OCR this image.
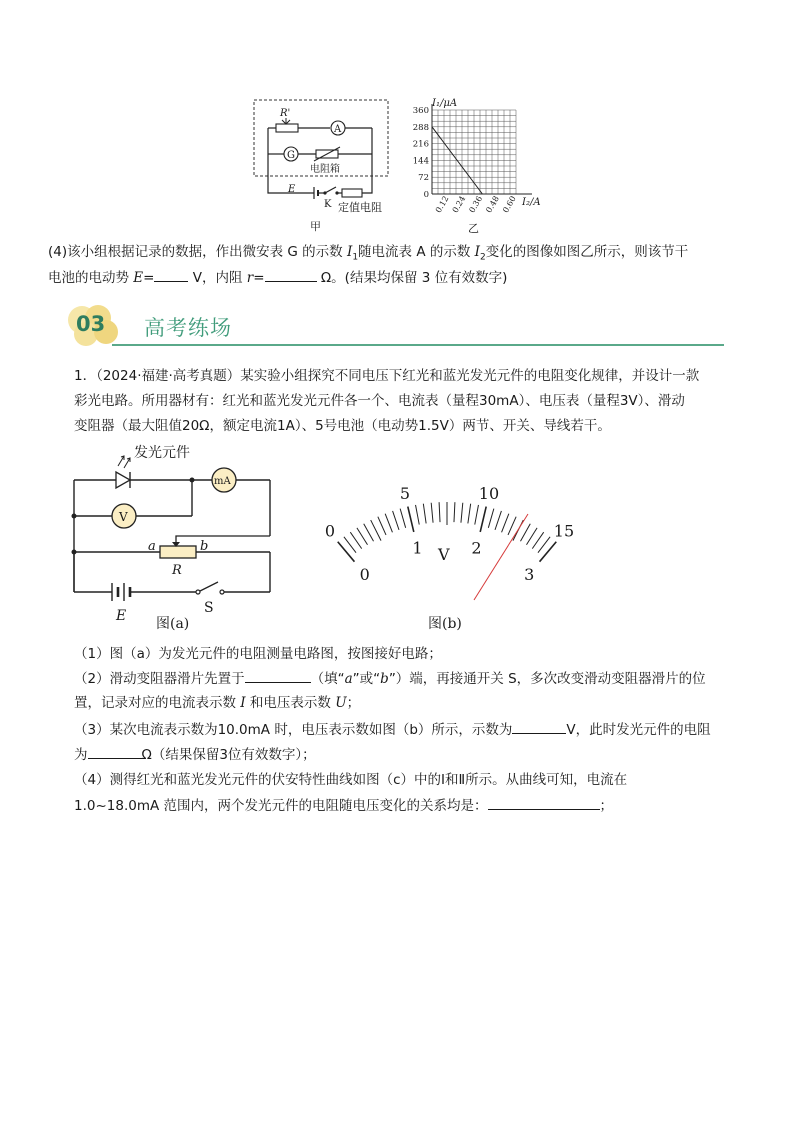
R'
A
G
电阻箱
E
K 定值电阻
甲
I₁/μA
360
288
216
144
72
0 0.12 0.24 0.36 0.48 0.60 I₂/A
乙
(4)该小组根据记录的数据，作出微安表 G 的示数 $I_1$随电流表 A 的示数 $I_2$变化的图像如图乙所示，则该节干
电池的电动势 E=	V，内阻 r=	Ω。(结果均保留 3 位有效数字)
03 高考练场
1．（2024·福建·高考真题）某实验小组探究不同电压下红光和蓝光发光元件的电阻变化规律，并设计一款
彩光电路。所用器材有：红光和蓝光发光元件各一个、电流表（量程30mA）、电压表（量程3V）、滑动
变阻器（最大阻值20Ω，额定电流1A）、5号电池（电动势1.5V）两节、开关、导线若干。
发光元件
mA
V
a	b
R
E	S
图(a)
0
5	10
15
0
1	2
3
V
图(b)
（1）图（a）为发光元件的电阻测量电路图，按图接好电路；
（2）滑动变阻器滑片先置于	（填“a”或“b”）端，再接通开关 S，多次改变滑动变阻器滑片的位
置，记录对应的电流表示数 I 和电压表示数 U；
（3）某次电流表示数为10.0mA 时，电压表示数如图（b）所示，示数为	V，此时发光元件的电阻
为	Ω（结果保留3位有效数字）；
（4）测得红光和蓝光发光元件的伏安特性曲线如图（c）中的Ⅰ和Ⅱ所示。从曲线可知，电流在
1.0~18.0mA 范围内，两个发光元件的电阻随电压变化的关系均是：	；
